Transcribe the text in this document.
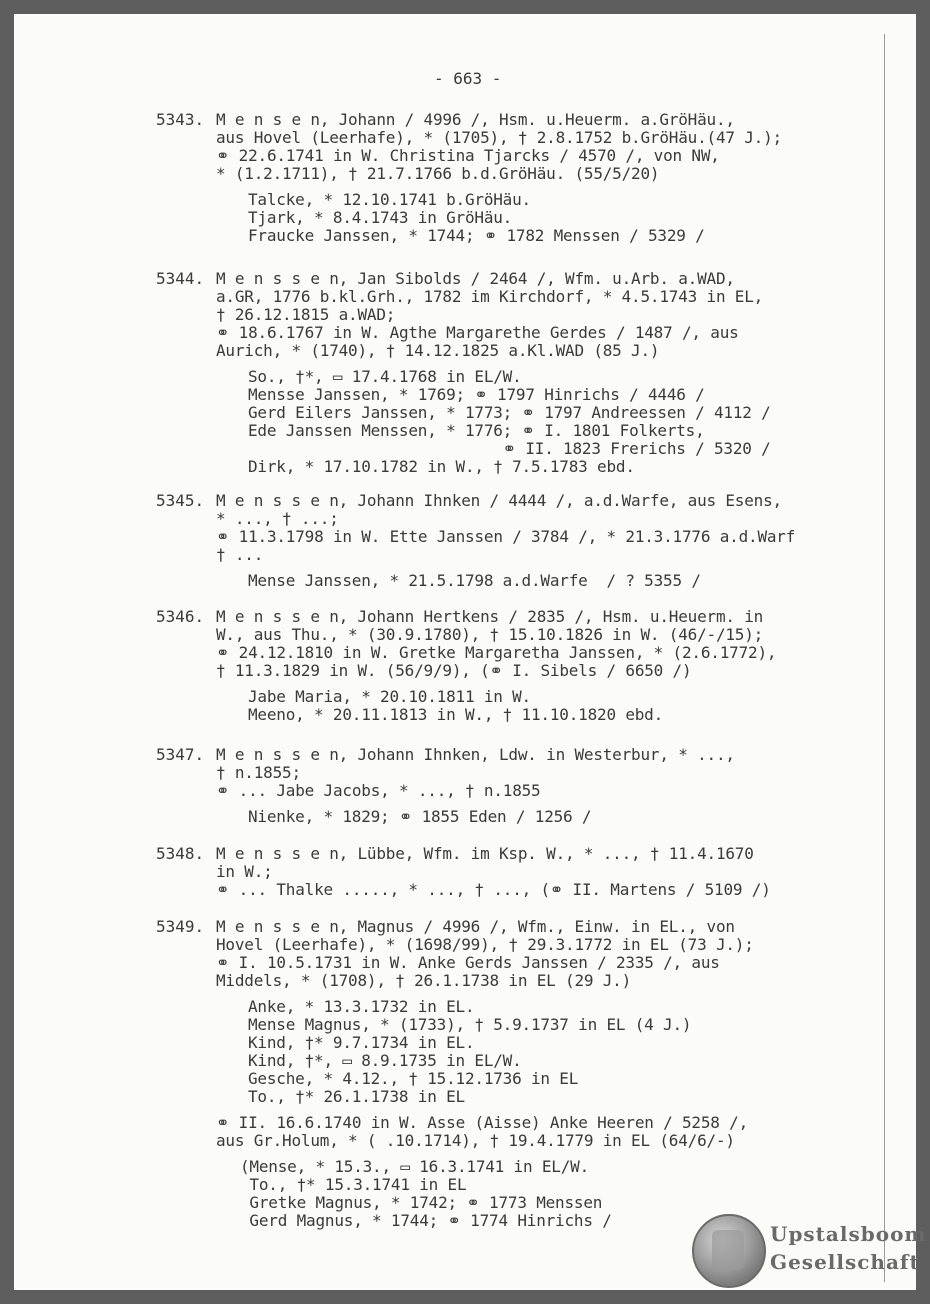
- 663 -
5343. M e n s e n, Johann / 4996 /, Hsm. u.Heuerm. a.GröHäu.,
aus Hovel (Leerhafe), * (1705), † 2.8.1752 b.GröHäu.(47 J.);
⚭ 22.6.1741 in W. Christina Tjarcks / 4570 /, von NW,
* (1.2.1711), † 21.7.1766 b.d.GröHäu. (55/5/20)
Talcke, * 12.10.1741 b.GröHäu.
Tjark, * 8.4.1743 in GröHäu.
Fraucke Janssen, * 1744; ⚭ 1782 Menssen / 5329 /
5344. M e n s s e n, Jan Sibolds / 2464 /, Wfm. u.Arb. a.WAD,
a.GR, 1776 b.kl.Grh., 1782 im Kirchdorf, * 4.5.1743 in EL,
† 26.12.1815 a.WAD;
⚭ 18.6.1767 in W. Agthe Margarethe Gerdes / 1487 /, aus
Aurich, * (1740), † 14.12.1825 a.Kl.WAD (85 J.)
So., †*, ▭ 17.4.1768 in EL/W.
Mensse Janssen, * 1769; ⚭ 1797 Hinrichs / 4446 /
Gerd Eilers Janssen, * 1773; ⚭ 1797 Andreessen / 4112 /
Ede Janssen Menssen, * 1776; ⚭ I. 1801 Folkerts,
⚭ II. 1823 Frerichs / 5320 /
Dirk, * 17.10.1782 in W., † 7.5.1783 ebd.
5345. M e n s s e n, Johann Ihnken / 4444 /, a.d.Warfe, aus Esens,
* ..., † ...;
⚭ 11.3.1798 in W. Ette Janssen / 3784 /, * 21.3.1776 a.d.Warf
† ...
Mense Janssen, * 21.5.1798 a.d.Warfe  / ? 5355 /
5346. M e n s s e n, Johann Hertkens / 2835 /, Hsm. u.Heuerm. in
W., aus Thu., * (30.9.1780), † 15.10.1826 in W. (46/-/15);
⚭ 24.12.1810 in W. Gretke Margaretha Janssen, * (2.6.1772),
† 11.3.1829 in W. (56/9/9), (⚭ I. Sibels / 6650 /)
Jabe Maria, * 20.10.1811 in W.
Meeno, * 20.11.1813 in W., † 11.10.1820 ebd.
5347. M e n s s e n, Johann Ihnken, Ldw. in Westerbur, * ...,
† n.1855;
⚭ ... Jabe Jacobs, * ..., † n.1855
Nienke, * 1829; ⚭ 1855 Eden / 1256 /
5348. M e n s s e n, Lübbe, Wfm. im Ksp. W., * ..., † 11.4.1670
in W.;
⚭ ... Thalke ....., * ..., † ..., (⚭ II. Martens / 5109 /)
5349. M e n s s e n, Magnus / 4996 /, Wfm., Einw. in EL., von
Hovel (Leerhafe), * (1698/99), † 29.3.1772 in EL (73 J.);
⚭ I. 10.5.1731 in W. Anke Gerds Janssen / 2335 /, aus
Middels, * (1708), † 26.1.1738 in EL (29 J.)
Anke, * 13.3.1732 in EL.
Mense Magnus, * (1733), † 5.9.1737 in EL (4 J.)
Kind, †* 9.7.1734 in EL.
Kind, †*, ▭ 8.9.1735 in EL/W.
Gesche, * 4.12., † 15.12.1736 in EL
To., †* 26.1.1738 in EL
⚭ II. 16.6.1740 in W. Asse (Aisse) Anke Heeren / 5258 /,
aus Gr.Holum, * ( .10.1714), † 19.4.1779 in EL (64/6/-)
(Mense, * 15.3., ▭ 16.3.1741 in EL/W.
To., †* 15.3.1741 in EL
Gretke Magnus, * 1742; ⚭ 1773 Menssen
Gerd Magnus, * 1744; ⚭ 1774 Hinrichs /
Upstalsboom
Gesellschaft
